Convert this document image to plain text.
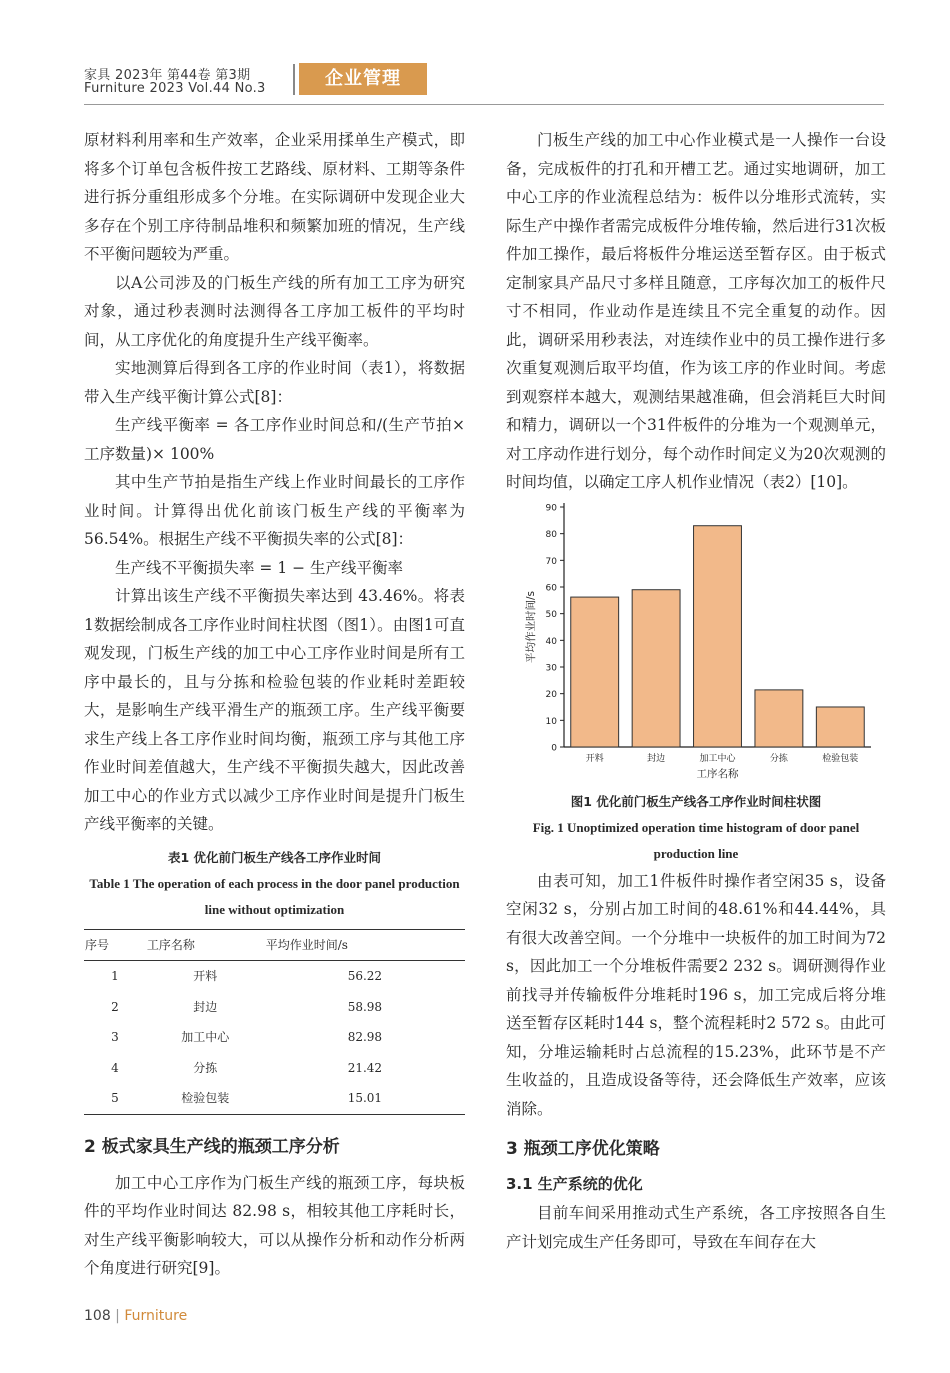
家具 2023年 第44卷 第3期
Furniture 2023 Vol.44 No.3	企业管理

原材料利用率和生产效率，企业采用揉单生产模式，即将多个订单包含板件按工艺路线、原材料、工期等条件进行拆分重组形成多个分堆。在实际调研中发现企业大多存在个别工序待制品堆积和频繁加班的情况，生产线不平衡问题较为严重。

以A公司涉及的门板生产线的所有加工工序为研究对象，通过秒表测时法测得各工序加工板件的平均时间，从工序优化的角度提升生产线平衡率。

实地测算后得到各工序的作业时间（表1），将数据带入生产线平衡计算公式[8]：

生产线平衡率 = 各工序作业时间总和/(生产节拍×工序数量)× 100%

其中生产节拍是指生产线上作业时间最长的工序作业时间。计算得出优化前该门板生产线的平衡率为 56.54%。根据生产线不平衡损失率的公式[8]：

生产线不平衡损失率 = 1 − 生产线平衡率

计算出该生产线不平衡损失率达到 43.46%。将表1数据绘制成各工序作业时间柱状图（图1）。由图1可直观发现，门板生产线的加工中心工序作业时间是所有工序中最长的，且与分拣和检验包装的作业耗时差距较大，是影响生产线平滑生产的瓶颈工序。生产线平衡要求生产线上各工序作业时间均衡，瓶颈工序与其他工序作业时间差值越大，生产线不平衡损失越大，因此改善加工中心的作业方式以减少工序作业时间是提升门板生产线平衡率的关键。

表1 优化前门板生产线各工序作业时间
Table 1 The operation of each process in the door panel production line without optimization
序号	工序名称	平均作业时间/s
1	开料	56.22
2	封边	58.98
3	加工中心	82.98
4	分拣	21.42
5	检验包装	15.01
2 板式家具生产线的瓶颈工序分析

加工中心工序作为门板生产线的瓶颈工序，每块板件的平均作业时间达 82.98 s，相较其他工序耗时长，对生产线平衡影响较大，可以从操作分析和动作分析两个角度进行研究[9]。

门板生产线的加工中心作业模式是一人操作一台设备，完成板件的打孔和开槽工艺。通过实地调研，加工中心工序的作业流程总结为：板件以分堆形式流转，实际生产中操作者需完成板件分堆传输，然后进行31次板件加工操作，最后将板件分堆运送至暂存区。由于板式定制家具产品尺寸多样且随意，工序每次加工的板件尺寸不相同，作业动作是连续且不完全重复的动作。因此，调研采用秒表法，对连续作业中的员工操作进行多次重复观测后取平均值，作为该工序的作业时间。考虑到观察样本越大，观测结果越准确，但会消耗巨大时间和精力，调研以一个31件板件的分堆为一个观测单元，对工序动作进行划分，每个动作时间定义为20次观测的时间均值，以确定工序人机作业情况（表2）[10]。

0
10
20
30
40
50
60
70
80
90
开料	封边	加工中心	分拣	检验包装
工序名称
平均作业时间/s
图1 优化前门板生产线各工序作业时间柱状图
Fig. 1 Unoptimized operation time histogram of door panel production line

由表可知，加工1件板件时操作者空闲35 s，设备空闲32 s，分别占加工时间的48.61%和44.44%，具有很大改善空间。一个分堆中一块板件的加工时间为72 s，因此加工一个分堆板件需要2 232 s。调研测得作业前找寻并传输板件分堆耗时196 s，加工完成后将分堆送至暂存区耗时144 s，整个流程耗时2 572 s。由此可知，分堆运输耗时占总流程的15.23%，此环节是不产生收益的，且造成设备等待，还会降低生产效率，应该消除。

3 瓶颈工序优化策略
3.1 生产系统的优化

目前车间采用推动式生产系统，各工序按照各自生产计划完成生产任务即可，导致在车间存在大

108 | Furniture
